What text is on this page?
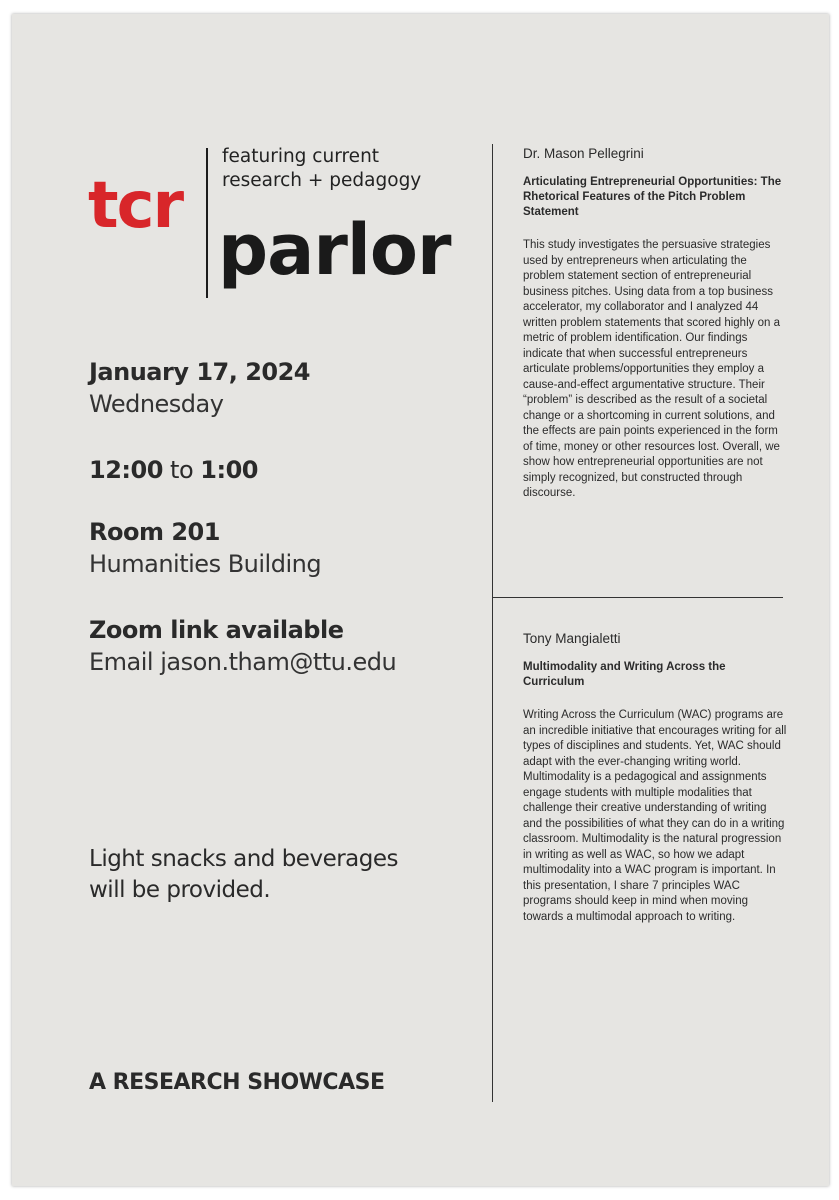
tcr
featuring current
research + pedagogy
parlor
January 17, 2024
Wednesday
12:00 to 1:00
Room 201
Humanities Building
Zoom link available
Email jason.tham@ttu.edu
Light snacks and beverages
will be provided.
A RESEARCH SHOWCASE
Dr. Mason Pellegrini
Articulating Entrepreneurial Opportunities: The Rhetorical Features of the Pitch Problem Statement
This study investigates the persuasive strategies used by entrepreneurs when articulating the problem statement section of entrepreneurial business pitches. Using data from a top business accelerator, my collaborator and I analyzed 44 written problem statements that scored highly on a metric of problem identification. Our findings indicate that when successful entrepreneurs articulate problems/opportunities they employ a cause-and-effect argumentative structure. Their “problem” is described as the result of a societal change or a shortcoming in current solutions, and the effects are pain points experienced in the form of time, money or other resources lost. Overall, we show how entrepreneurial opportunities are not simply recognized, but constructed through discourse.
Tony Mangialetti
Multimodality and Writing Across the Curriculum
Writing Across the Curriculum (WAC) programs are an incredible initiative that encourages writing for all types of disciplines and students. Yet, WAC should adapt with the ever-changing writing world. Multimodality is a pedagogical and assignments engage students with multiple modalities that challenge their creative understanding of writing and the possibilities of what they can do in a writing classroom. Multimodality is the natural progression in writing as well as WAC, so how we adapt multimodality into a WAC program is important. In this presentation, I share 7 principles WAC programs should keep in mind when moving towards a multimodal approach to writing.
